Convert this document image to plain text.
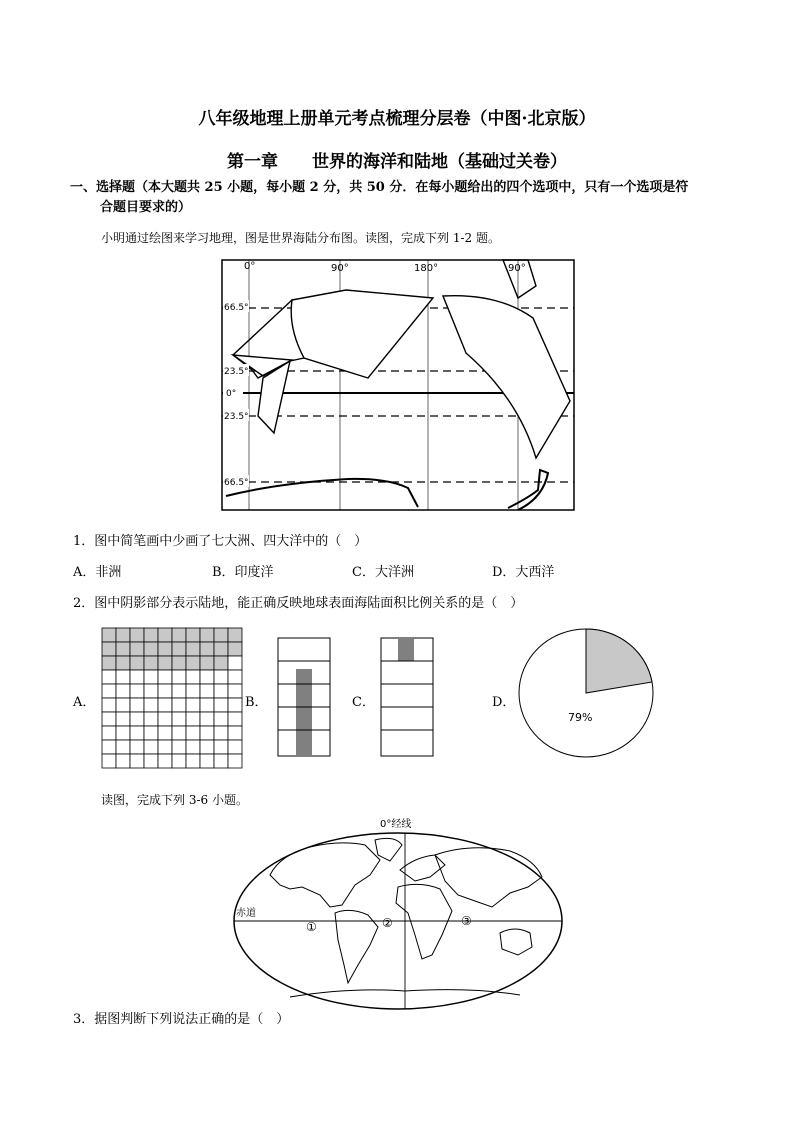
八年级地理上册单元考点梳理分层卷（中图·北京版）
第一章　　世界的海洋和陆地（基础过关卷）
一、选择题（本大题共 25 小题，每小题 2 分，共 50 分．在每小题给出的四个选项中，只有一个选项是符
合题目要求的）
小明通过绘图来学习地理，图是世界海陆分布图。读图，完成下列 1-2 题。
0°	90°	180°	90°
66.5°
23.5°
0°
23.5°
66.5°
1．图中简笔画中少画了七大洲、四大洋中的（　）
A．非洲	B．印度洋	C．大洋洲	D．大西洋
2．图中阴影部分表示陆地，能正确反映地球表面海陆面积比例关系的是（　）
A．	B．	C．	D．
79%
读图，完成下列 3-6 小题。
0°经线
赤道
①	②	③
3．据图判断下列说法正确的是（　）
